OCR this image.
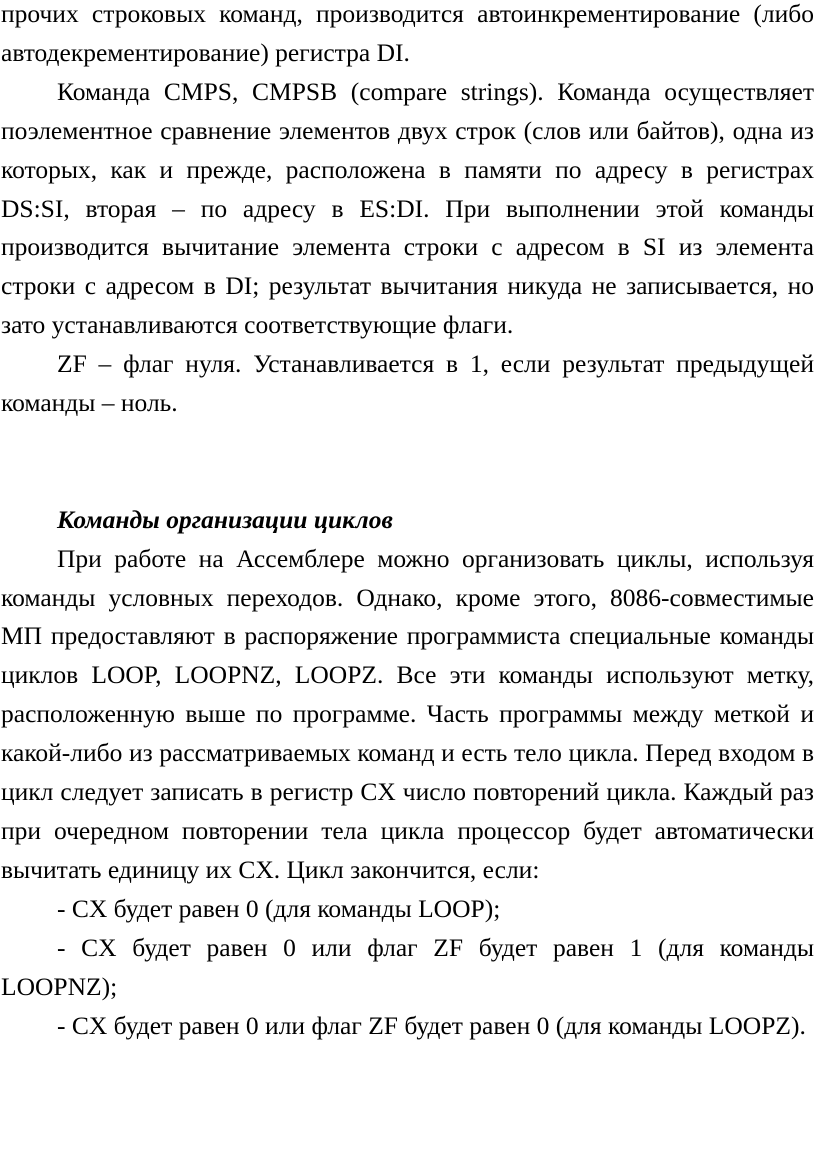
прочих строковых команд, производится автоинкрементирование (либо автодекрементирование) регистра DI.

Команда CMPS, CMPSB (compare strings). Команда осуществляет поэлементное сравнение элементов двух строк (слов или байтов), одна из которых, как и прежде, расположена в памяти по адресу в регистрах DS:SI, вторая – по адресу в ES:DI. При выполнении этой команды производится вычитание элемента строки с адресом в SI из элемента строки с адресом в DI; результат вычитания никуда не записывается, но зато устанавливаются соответствующие флаги.

ZF – флаг нуля. Устанавливается в 1, если результат предыдущей команды – ноль.

Команды организации циклов

При работе на Ассемблере можно организовать циклы, используя команды условных переходов. Однако, кроме этого, 8086-совместимые МП предоставляют в распоряжение программиста специальные команды циклов LOOP, LOOPNZ, LOOPZ. Все эти команды используют метку, расположенную выше по программе. Часть программы между меткой и какой-либо из рассматриваемых команд и есть тело цикла. Перед входом в цикл следует записать в регистр CX число повторений цикла. Каждый раз при очередном повторении тела цикла процессор будет автоматически вычитать единицу их CX. Цикл закончится, если:

- CX будет равен 0 (для команды LOOP);

- CX будет равен 0 или флаг ZF будет равен 1 (для команды LOOPNZ);

- CX будет равен 0 или флаг ZF будет равен 0 (для команды LOOPZ).
